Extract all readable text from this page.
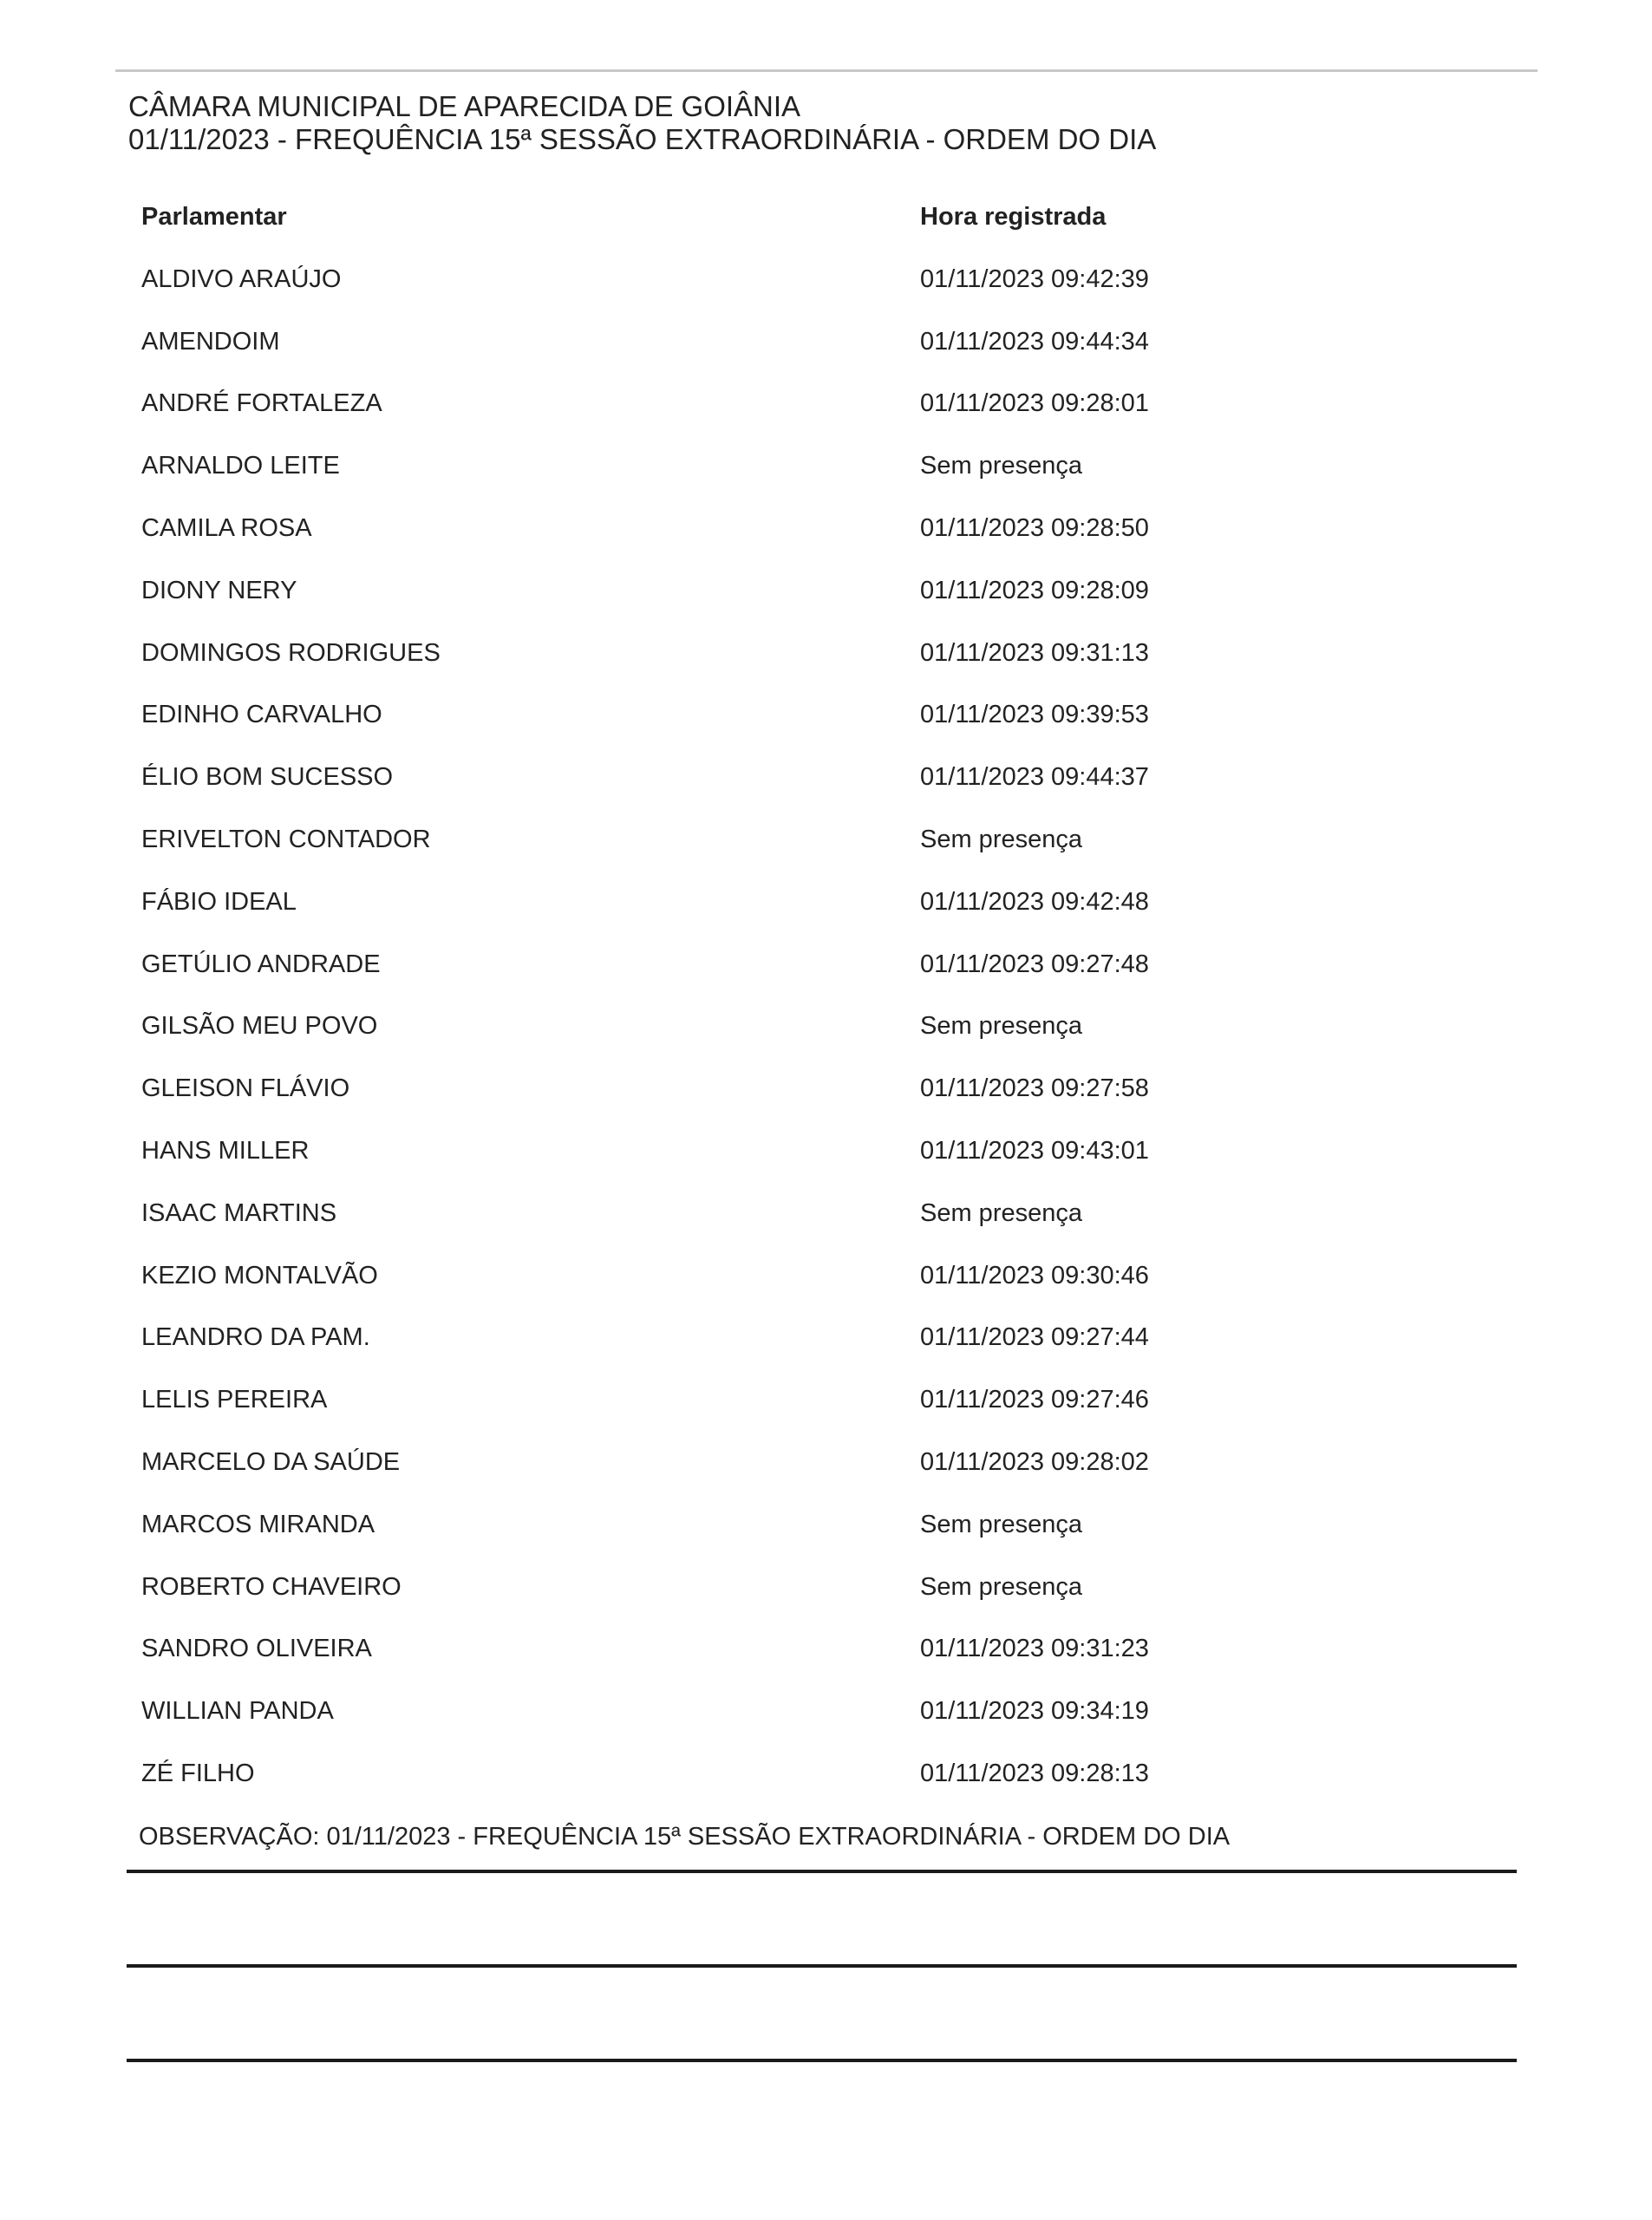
CÂMARA MUNICIPAL DE APARECIDA DE GOIÂNIA
01/11/2023 - FREQUÊNCIA 15ª SESSÃO EXTRAORDINÁRIA - ORDEM DO DIA
Parlamentar	Hora registrada
ALDIVO ARAÚJO	01/11/2023 09:42:39
AMENDOIM	01/11/2023 09:44:34
ANDRÉ FORTALEZA	01/11/2023 09:28:01
ARNALDO LEITE	Sem presença
CAMILA ROSA	01/11/2023 09:28:50
DIONY NERY	01/11/2023 09:28:09
DOMINGOS RODRIGUES	01/11/2023 09:31:13
EDINHO CARVALHO	01/11/2023 09:39:53
ÉLIO BOM SUCESSO	01/11/2023 09:44:37
ERIVELTON CONTADOR	Sem presença
FÁBIO IDEAL	01/11/2023 09:42:48
GETÚLIO ANDRADE	01/11/2023 09:27:48
GILSÃO MEU POVO	Sem presença
GLEISON FLÁVIO	01/11/2023 09:27:58
HANS MILLER	01/11/2023 09:43:01
ISAAC MARTINS	Sem presença
KEZIO MONTALVÃO	01/11/2023 09:30:46
LEANDRO DA PAM.	01/11/2023 09:27:44
LELIS PEREIRA	01/11/2023 09:27:46
MARCELO DA SAÚDE	01/11/2023 09:28:02
MARCOS MIRANDA	Sem presença
ROBERTO CHAVEIRO	Sem presença
SANDRO OLIVEIRA	01/11/2023 09:31:23
WILLIAN PANDA	01/11/2023 09:34:19
ZÉ FILHO	01/11/2023 09:28:13
OBSERVAÇÃO: 01/11/2023 - FREQUÊNCIA 15ª SESSÃO EXTRAORDINÁRIA - ORDEM DO DIA
